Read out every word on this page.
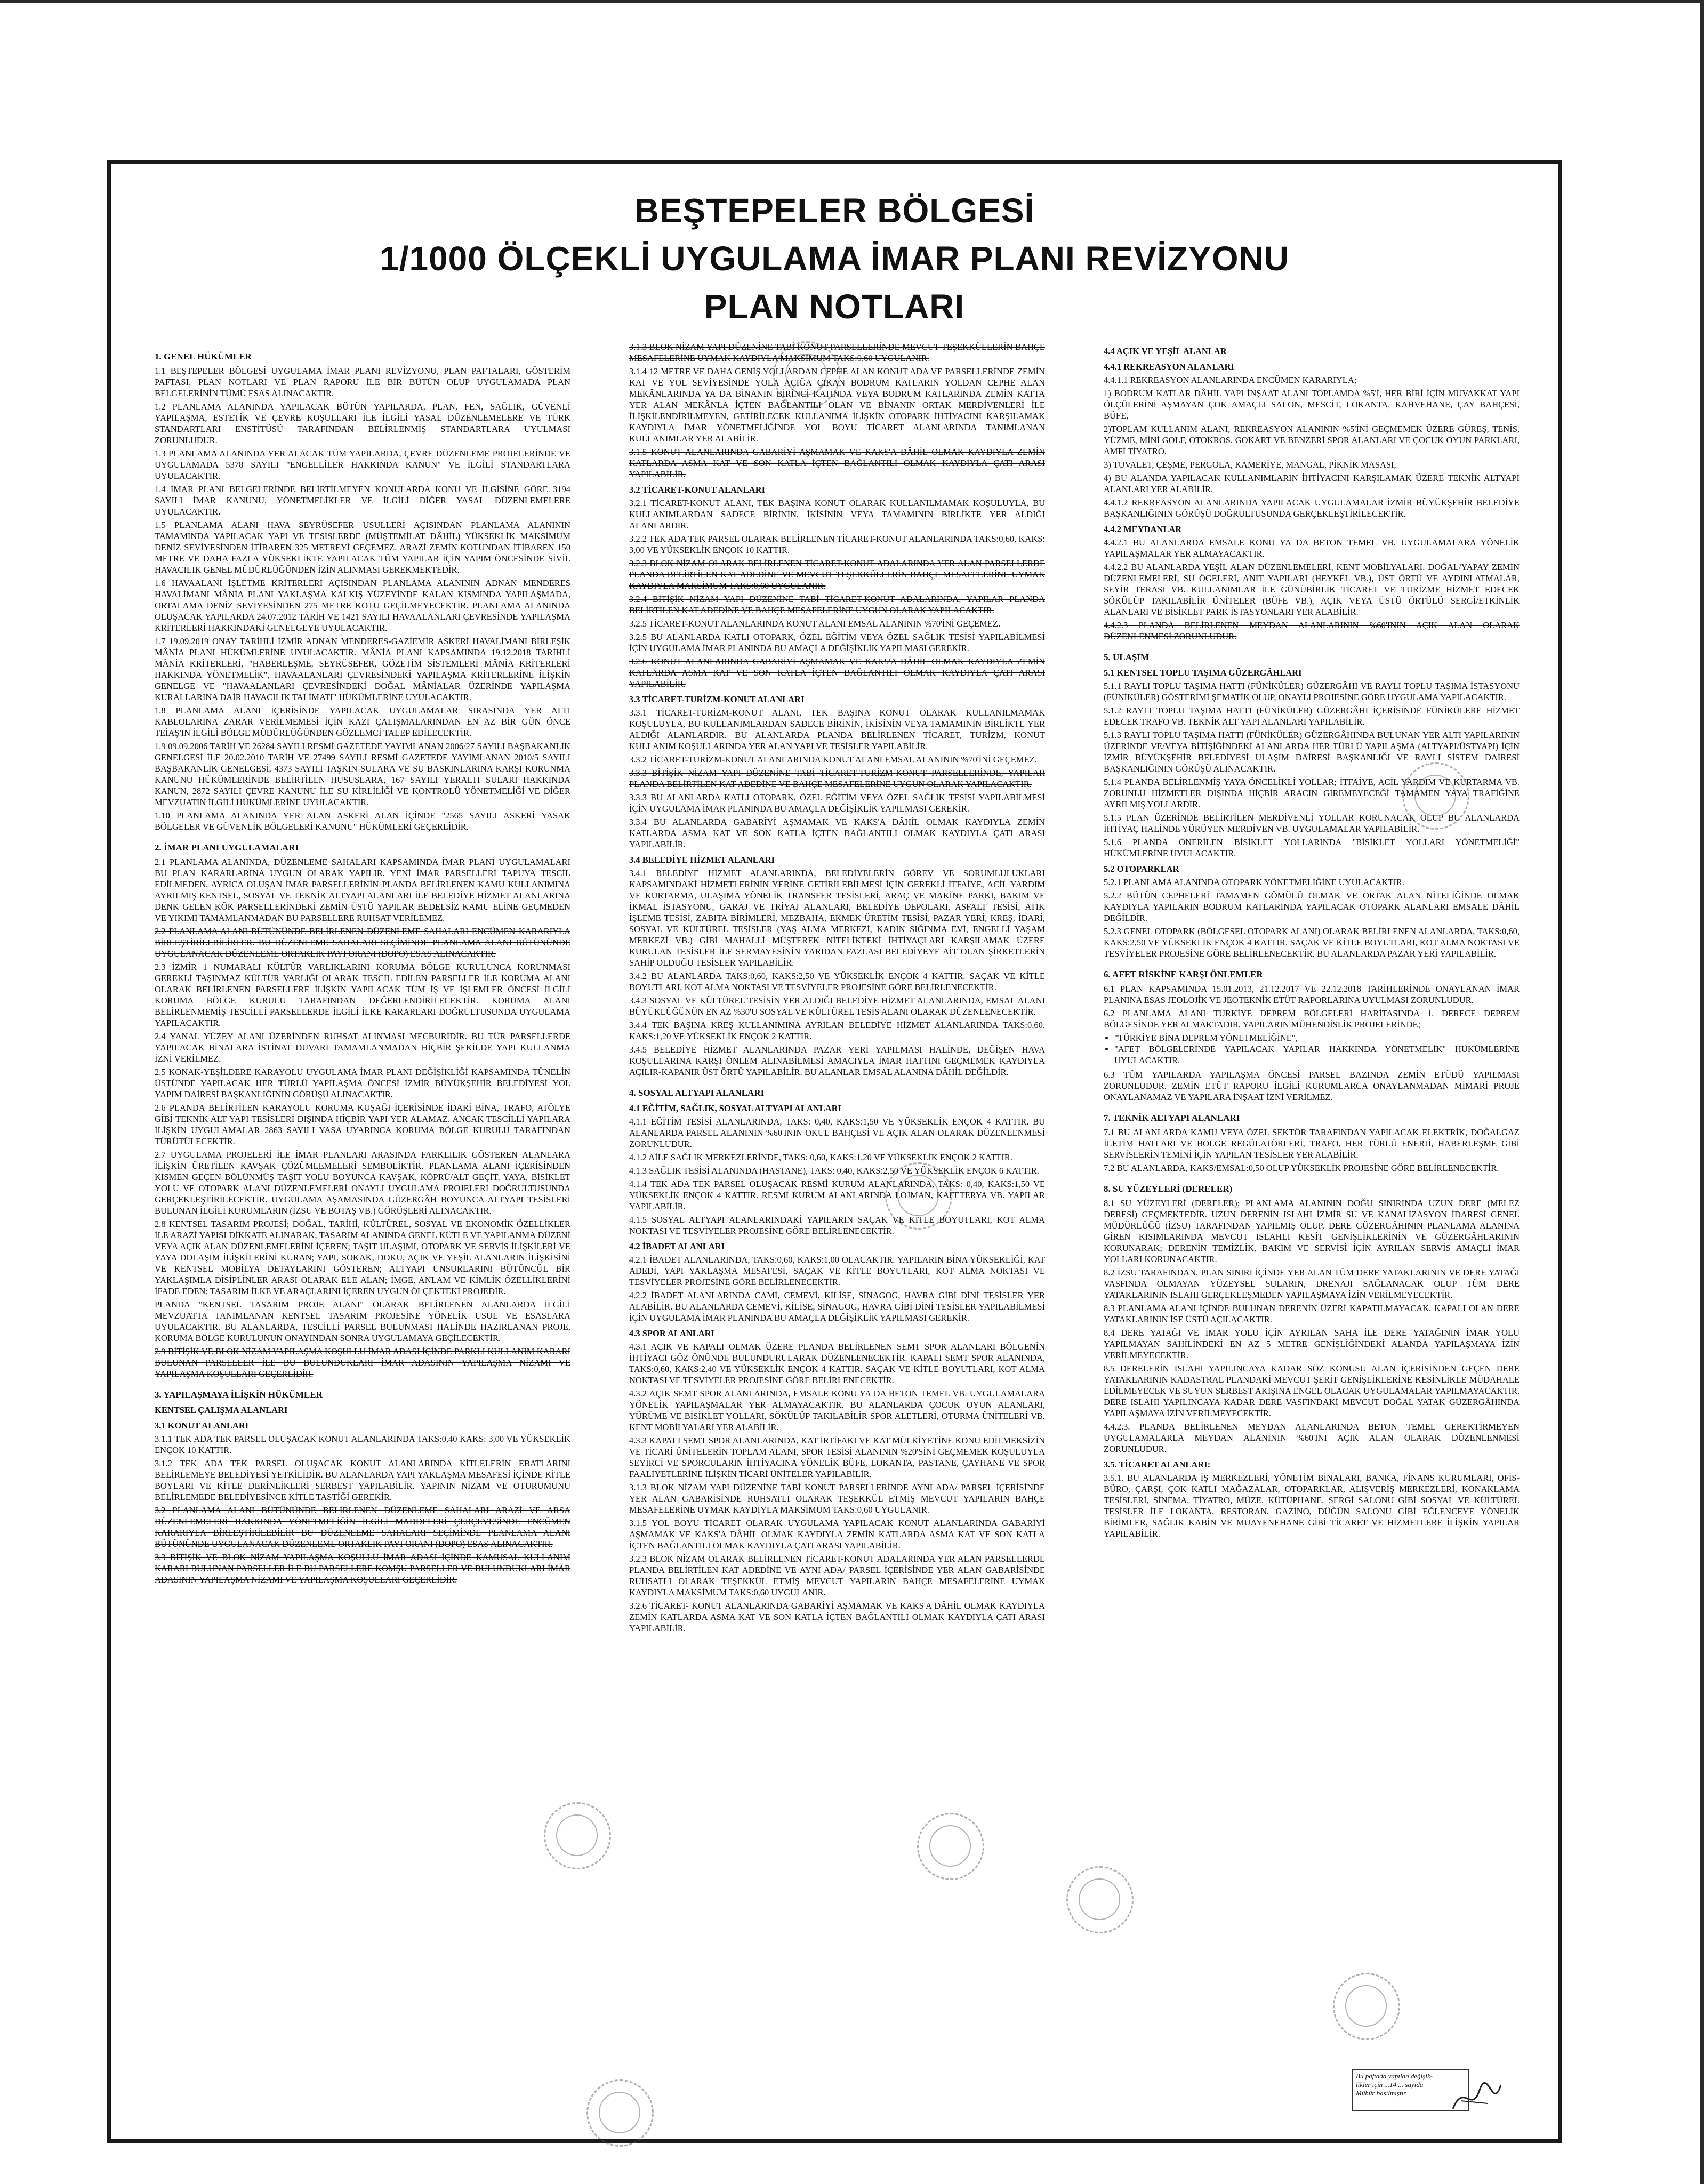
BEŞTEPELER BÖLGESİ
1/1000 ÖLÇEKLİ UYGULAMA İMAR PLANI REVİZYONU
PLAN NOTLARI
1. GENEL HÜKÜMLER

1.1 BEŞTEPELER BÖLGESİ UYGULAMA İMAR PLANI REVİZYONU, PLAN PAFTALARI, GÖSTERİM PAFTASI, PLAN NOTLARI VE PLAN RAPORU İLE BİR BÜTÜN OLUP UYGULAMADA PLAN BELGELERİNİN TÜMÜ ESAS ALINACAKTIR.

1.2 PLANLAMA ALANINDA YAPILACAK BÜTÜN YAPILARDA, PLAN, FEN, SAĞLIK, GÜVENLİ YAPILAŞMA, ESTETİK VE ÇEVRE KOŞULLARI İLE İLGİLİ YASAL DÜZENLEMELERE VE TÜRK STANDARTLARI ENSTİTÜSÜ TARAFINDAN BELİRLENMİŞ STANDARTLARA UYULMASI ZORUNLUDUR.

1.3 PLANLAMA ALANINDA YER ALACAK TÜM YAPILARDA, ÇEVRE DÜZENLEME PROJELERİNDE VE UYGULAMADA 5378 SAYILI "ENGELLİLER HAKKINDA KANUN" VE İLGİLİ STANDARTLARA UYULACAKTIR.

1.4 İMAR PLANI BELGELERİNDE BELİRTİLMEYEN KONULARDA KONU VE İLGİSİNE GÖRE 3194 SAYILI İMAR KANUNU, YÖNETMELİKLER VE İLGİLİ DİĞER YASAL DÜZENLEMELERE UYULACAKTIR.

1.5 PLANLAMA ALANI HAVA SEYRÜSEFER USULLERİ AÇISINDAN PLANLAMA ALANININ TAMAMINDA YAPILACAK YAPI VE TESİSLERDE (MÜŞTEMİLAT DÂHİL) YÜKSEKLİK MAKSİMUM DENİZ SEVİYESİNDEN İTİBAREN 325 METREYİ GEÇEMEZ. ARAZİ ZEMİN KOTUNDAN İTİBAREN 150 METRE VE DAHA FAZLA YÜKSEKLİKTE YAPILACAK TÜM YAPILAR İÇİN YAPIM ÖNCESİNDE SİVİL HAVACILIK GENEL MÜDÜRLÜĞÜNDEN İZİN ALINMASI GEREKMEKTEDİR.

1.6 HAVAALANI İŞLETME KRİTERLERİ AÇISINDAN PLANLAMA ALANININ ADNAN MENDERES HAVALİMANI MÂNİA PLANI YAKLAŞMA KALKIŞ YÜZEYİNDE KALAN KISMINDA YAPILAŞMADA, ORTALAMA DENİZ SEVİYESİNDEN 275 METRE KOTU GEÇİLMEYECEKTİR. PLANLAMA ALANINDA OLUŞACAK YAPILARDA 24.07.2012 TARİH VE 1421 SAYILI HAVAALANLARI ÇEVRESİNDE YAPILAŞMA KRİTERLERİ HAKKINDAKİ GENELGEYE UYULACAKTIR.

1.7 19.09.2019 ONAY TARİHLİ İZMİR ADNAN MENDERES-GAZİEMİR ASKERİ HAVALİMANI BİRLEŞİK MÂNİA PLANI HÜKÜMLERİNE UYULACAKTIR. MÂNİA PLANI KAPSAMINDA 19.12.2018 TARİHLİ MÂNİA KRİTERLERİ, "HABERLEŞME, SEYRÜSEFER, GÖZETİM SİSTEMLERİ MÂNİA KRİTERLERİ HAKKINDA YÖNETMELİK", HAVAALANLARI ÇEVRESİNDEKİ YAPILAŞMA KRİTERLERİNE İLİŞKİN GENELGE VE "HAVAALANLARI ÇEVRESİNDEKİ DOĞAL MÂNİALAR ÜZERİNDE YAPILAŞMA KURALLARINA DAİR HAVACILIK TALİMATI" HÜKÜMLERİNE UYULACAKTIR.

1.8 PLANLAMA ALANI İÇERİSİNDE YAPILACAK UYGULAMALAR SIRASINDA YER ALTI KABLOLARINA ZARAR VERİLMEMESİ İÇİN KAZI ÇALIŞMALARINDAN EN AZ BİR GÜN ÖNCE TEİAŞ'IN İLGİLİ BÖLGE MÜDÜRLÜĞÜNDEN GÖZLEMCİ TALEP EDİLECEKTİR.

1.9 09.09.2006 TARİH VE 26284 SAYILI RESMİ GAZETEDE YAYIMLANAN 2006/27 SAYILI BAŞBAKANLIK GENELGESİ İLE 20.02.2010 TARİH VE 27499 SAYILI RESMİ GAZETEDE YAYIMLANAN 2010/5 SAYILI BAŞBAKANLIK GENELGESİ, 4373 SAYILI TAŞKIN SULARA VE SU BASKINLARINA KARŞI KORUNMA KANUNU HÜKÜMLERİNDE BELİRTİLEN HUSUSLARA, 167 SAYILI YERALTI SULARI HAKKINDA KANUN, 2872 SAYILI ÇEVRE KANUNU İLE SU KİRLİLİĞİ VE KONTROLÜ YÖNETMELİĞİ VE DİĞER MEVZUATIN İLGİLİ HÜKÜMLERİNE UYULACAKTIR.

1.10 PLANLAMA ALANINDA YER ALAN ASKERİ ALAN İÇİNDE "2565 SAYILI ASKERİ YASAK BÖLGELER VE GÜVENLİK BÖLGELERİ KANUNU" HÜKÜMLERİ GEÇERLİDİR.

2. İMAR PLANI UYGULAMALARI

2.1 PLANLAMA ALANINDA, DÜZENLEME SAHALARI KAPSAMINDA İMAR PLANI UYGULAMALARI BU PLAN KARARLARINA UYGUN OLARAK YAPILIR. YENİ İMAR PARSELLERİ TAPUYA TESCİL EDİLMEDEN, AYRICA OLUŞAN İMAR PARSELLERİNİN PLANDA BELİRLENEN KAMU KULLANIMINA AYRILMIŞ KENTSEL, SOSYAL VE TEKNİK ALTYAPI ALANLARI İLE BELEDİYE HİZMET ALANLARINA DENK GELEN KÖK PARSELLERİNDEKİ ZEMİN ÜSTÜ YAPILAR BEDELSİZ KAMU ELİNE GEÇMEDEN VE YIKIMI TAMAMLANMADAN BU PARSELLERE RUHSAT VERİLEMEZ.

2.2 PLANLAMA ALANI BÜTÜNÜNDE BELİRLENEN DÜZENLEME SAHALARI ENCÜMEN KARARIYLA BİRLEŞTİRİLEBİLİRLER. BU DÜZENLEME SAHALARI SEÇİMİNDE PLANLAMA ALANI BÜTÜNÜNDE UYGULANACAK DÜZENLEME ORTAKLIK PAYI ORANI (DOPO) ESAS ALINACAKTIR.

2.3 İZMİR 1 NUMARALI KÜLTÜR VARLIKLARINI KORUMA BÖLGE KURULUNCA KORUNMASI GEREKLİ TAŞINMAZ KÜLTÜR VARLIĞI OLARAK TESCİL EDİLEN PARSELLER İLE KORUMA ALANI OLARAK BELİRLENEN PARSELLERE İLİŞKİN YAPILACAK TÜM İŞ VE İŞLEMLER ÖNCESİ İLGİLİ KORUMA BÖLGE KURULU TARAFINDAN DEĞERLENDİRİLECEKTİR. KORUMA ALANI BELİRLENMEMİŞ TESCİLLİ PARSELLERDE İLGİLİ İLKE KARARLARI DOĞRULTUSUNDA UYGULAMA YAPILACAKTIR.

2.4 YANAL YÜZEY ALANI ÜZERİNDEN RUHSAT ALINMASI MECBURİDİR. BU TÜR PARSELLERDE YAPILACAK BİNALARA İSTİNAT DUVARI TAMAMLANMADAN HİÇBİR ŞEKİLDE YAPI KULLANMA İZNİ VERİLMEZ.

2.5 KONAK-YEŞİLDERE KARAYOLU UYGULAMA İMAR PLANI DEĞİŞİKLİĞİ KAPSAMINDA TÜNELİN ÜSTÜNDE YAPILACAK HER TÜRLÜ YAPILAŞMA ÖNCESİ İZMİR BÜYÜKŞEHİR BELEDİYESİ YOL YAPIM DAİRESİ BAŞKANLIĞININ GÖRÜŞÜ ALINACAKTIR.

2.6 PLANDA BELİRTİLEN KARAYOLU KORUMA KUŞAĞI İÇERİSİNDE İDARİ BİNA, TRAFO, ATÖLYE GİBİ TEKNİK ALT YAPI TESİSLERİ DIŞINDA HİÇBİR YAPI YER ALAMAZ. ANCAK TESCİLLİ YAPILARA İLİŞKİN UYGULAMALAR 2863 SAYILI YASA UYARINCA KORUMA BÖLGE KURULU TARAFINDAN TÜRÜTÜLECEKTİR.

2.7 UYGULAMA PROJELERİ İLE İMAR PLANLARI ARASINDA FARKLILIK GÖSTEREN ALANLARA İLİŞKİN ÜRETİLEN KAVŞAK ÇÖZÜMLEMELERİ SEMBOLİKTİR. PLANLAMA ALANI İÇERİSİNDEN KISMEN GEÇEN BÖLÜNMÜŞ TAŞIT YOLU BOYUNCA KAVŞAK, KÖPRÜ/ALT GEÇİT, YAYA, BİSİKLET YOLU VE OTOPARK ALANI DÜZENLEMELERİ ONAYLI UYGULAMA PROJELERİ DOĞRULTUSUNDA GERÇEKLEŞTİRİLECEKTİR. UYGULAMA AŞAMASINDA GÜZERGÂH BOYUNCA ALTYAPI TESİSLERİ BULUNAN İLGİLİ KURUMLARIN (İZSU VE BOTAŞ VB.) GÖRÜŞLERİ ALINACAKTIR.

2.8 KENTSEL TASARIM PROJESİ; DOĞAL, TARİHİ, KÜLTÜREL, SOSYAL VE EKONOMİK ÖZELLİKLER İLE ARAZİ YAPISI DİKKATE ALINARAK, TASARIM ALANINDA GENEL KÜTLE VE YAPILANMA DÜZENİ VEYA AÇIK ALAN DÜZENLEMELERİNİ İÇEREN; TAŞIT ULAŞIMI, OTOPARK VE SERVİS İLİŞKİLERİ VE YAYA DOLAŞIM İLİŞKİLERİNİ KURAN; YAPI, SOKAK, DOKU, AÇIK VE YEŞİL ALANLARIN İLİŞKİSİNİ VE KENTSEL MOBİLYA DETAYLARINI GÖSTEREN; ALTYAPI UNSURLARINI BÜTÜNCÜL BİR YAKLAŞIMLA DİSİPLİNLER ARASI OLARAK ELE ALAN; İMGE, ANLAM VE KİMLİK ÖZELLİKLERİNİ İFADE EDEN; TASARIM İLKE VE ARAÇLARINI İÇEREN UYGUN ÖLÇEKTEKİ PROJEDİR.

PLANDA "KENTSEL TASARIM PROJE ALANI" OLARAK BELİRLENEN ALANLARDA İLGİLİ MEVZUATTA TANIMLANAN KENTSEL TASARIM PROJESİNE YÖNELİK USUL VE ESASLARA UYULACAKTIR. BU ALANLARDA, TESCİLLİ PARSEL BULUNMASI HALİNDE HAZIRLANAN PROJE, KORUMA BÖLGE KURULUNUN ONAYINDAN SONRA UYGULAMAYA GEÇİLECEKTİR.

2.9 BİTİŞİK VE BLOK NİZAM YAPILAŞMA KOŞULLU İMAR ADASI İÇİNDE PARKLI KULLANIM KARARI BULUNAN PARSELLER İLE BU BULUNDUKLARI İMAR ADASININ YAPILAŞMA NİZAMI VE YAPILAŞMA KOŞULLARI GEÇERLİDİR.

3. YAPILAŞMAYA İLİŞKİN HÜKÜMLER
KENTSEL ÇALIŞMA ALANLARI
3.1 KONUT ALANLARI

3.1.1 TEK ADA TEK PARSEL OLUŞACAK KONUT ALANLARINDA TAKS:0,40 KAKS: 3,00 VE YÜKSEKLİK ENÇOK 10 KATTIR.

3.1.2 TEK ADA TEK PARSEL OLUŞACAK KONUT ALANLARINDA KİTLELERİN EBATLARINI BELİRLEMEYE BELEDİYESİ YETKİLİDİR. BU ALANLARDA YAPI YAKLAŞMA MESAFESİ İÇİNDE KİTLE BOYLARI VE KİTLE DERİNLİKLERİ SERBEST YAPILABİLİR. YAPININ NİZAM VE OTURUMUNU BELİRLEMEDE BELEDİYESİNCE KİTLE TASTİĞİ GEREKİR.

3.2 PLANLAMA ALANI BÜTÜNÜNDE BELİRLENEN DÜZENLEME SAHALARI ARAZİ VE ARSA DÜZENLEMELERİ HAKKINDA YÖNETMELİĞİN İLGİLİ MADDELERİ ÇERÇEVESİNDE ENCÜMEN KARARIYLA BİRLEŞTİRİLEBİLİR BU DÜZENLEME SAHALARI SEÇİMİNDE PLANLAMA ALANI BÜTÜNÜNDE UYGULANACAK DÜZENLEME ORTAKLIK PAYI ORANI (DOPO) ESAS ALINACAKTIR.

3.3 BİTİŞİK VE BLOK NİZAM YAPILAŞMA KOŞULLU İMAR ADASI İÇİNDE KAMUSAL KULLANIM KARARI BULUNAN PARSELLER İLE BU PARSELLERE KOMŞU PARSELLER VE BULUNDUKLARI İMAR ADASININ YAPILAŞMA NİZAMI VE YAPILAŞMA KOŞULLARI GEÇERLİDİR.

3.1.3 BLOK NİZAM YAPI DÜZENİNE TABİ KONUT PARSELLERİNDE MEVCUT TEŞEKKÜLLERİN BAHÇE MESAFELERİNE UYMAK KAYDIYLA MAKSİMUM TAKS:0,60 UYGULANIR.

3.1.4 12 METRE VE DAHA GENİŞ YOLLARDAN CEPHE ALAN KONUT ADA VE PARSELLERİNDE ZEMİN KAT VE YOL SEVİYESİNDE YOLA AÇIĞA ÇIKAN BODRUM KATLARIN YOLDAN CEPHE ALAN MEKÂNLARINDA YA DA BİNANIN BİRİNCİ KATINDA VEYA BODRUM KATLARINDA ZEMİN KATTA YER ALAN MEKÂNLA İÇTEN BAĞLANTILI OLAN VE BİNANIN ORTAK MERDİVENLERİ İLE İLİŞKİLENDİRİLMEYEN, GETİRİLECEK KULLANIMA İLİŞKİN OTOPARK İHTİYACINI KARŞILAMAK KAYDIYLA İMAR YÖNETMELİĞİNDE YOL BOYU TİCARET ALANLARINDA TANIMLANAN KULLANIMLAR YER ALABİLİR.

3.1.5 KONUT ALANLARINDA GABARİYİ AŞMAMAK VE KAKS'A DÂHİL OLMAK KAYDIYLA ZEMİN KATLARDA ASMA KAT VE SON KATLA İÇTEN BAĞLANTILI OLMAK KAYDIYLA ÇATI ARASI YAPILABİLİR.

3.2 TİCARET-KONUT ALANLARI

3.2.1 TİCARET-KONUT ALANI, TEK BAŞINA KONUT OLARAK KULLANILMAMAK KOŞULUYLA, BU KULLANIMLARDAN SADECE BİRİNİN, İKİSİNİN VEYA TAMAMININ BİRLİKTE YER ALDIĞI ALANLARDIR.

3.2.2 TEK ADA TEK PARSEL OLARAK BELİRLENEN TİCARET-KONUT ALANLARINDA TAKS:0,60, KAKS: 3,00 VE YÜKSEKLİK ENÇOK 10 KATTIR.

3.2.3 BLOK NİZAM OLARAK BELİRLENEN TİCARET-KONUT ADALARINDA YER ALAN PARSELLERDE PLANDA BELİRTİLEN KAT ADEDİNE VE MEVCUT TEŞEKKÜLLERİN BAHÇE MESAFELERİNE UYMAK KAYDIYLA MAKSİMUM TAKS:0,60 UYGULANIR.

3.2.4 BİTİŞİK NİZAM YAPI DÜZENİNE TABİ TİCARET-KONUT ADALARINDA, YAPILAR PLANDA BELİRTİLEN KAT ADEDİNE VE BAHÇE MESAFELERİNE UYGUN OLARAK YAPILACAKTIR.

3.2.5 TİCARET-KONUT ALANLARINDA KONUT ALANI EMSAL ALANININ %70'İNİ GEÇEMEZ.

3.2.5 BU ALANLARDA KATLI OTOPARK, ÖZEL EĞİTİM VEYA ÖZEL SAĞLIK TESİSİ YAPILABİLMESİ İÇİN UYGULAMA İMAR PLANINDA BU AMAÇLA DEĞİŞİKLİK YAPILMASI GEREKİR.

3.2.6 KONUT ALANLARINDA GABARİYİ AŞMAMAK VE KAKS'A DÂHİL OLMAK KAYDIYLA ZEMİN KATLARDA ASMA KAT VE SON KATLA İÇTEN BAĞLANTILI OLMAK KAYDIYLA ÇATI ARASI YAPILABİLİR.

3.3 TİCARET-TURİZM-KONUT ALANLARI

3.3.1 TİCARET-TURİZM-KONUT ALANI, TEK BAŞINA KONUT OLARAK KULLANILMAMAK KOŞULUYLA, BU KULLANIMLARDAN SADECE BİRİNİN, İKİSİNİN VEYA TAMAMININ BİRLİKTE YER ALDIĞI ALANLARDIR. BU ALANLARDA PLANDA BELİRLENEN TİCARET, TURİZM, KONUT KULLANIM KOŞULLARINDA YER ALAN YAPI VE TESİSLER YAPILABİLİR.

3.3.2 TİCARET-TURİZM-KONUT ALANLARINDA KONUT ALANI EMSAL ALANININ %70'İNİ GEÇEMEZ.

3.3.3 BİTİŞİK NİZAM YAPI DÜZENİNE TABİ TİCARET-TURİZM-KONUT PARSELLERİNDE, YAPILAR PLANDA BELİRTİLEN KAT ADEDİNE VE BAHÇE MESAFELERİNE UYGUN OLARAK YAPILACAKTIR.

3.3.3 BU ALANLARDA KATLI OTOPARK, ÖZEL EĞİTİM VEYA ÖZEL SAĞLIK TESİSİ YAPILABİLMESİ İÇİN UYGULAMA İMAR PLANINDA BU AMAÇLA DEĞİŞİKLİK YAPILMASI GEREKİR.

3.3.4 BU ALANLARDA GABARİYİ AŞMAMAK VE KAKS'A DÂHİL OLMAK KAYDIYLA ZEMİN KATLARDA ASMA KAT VE SON KATLA İÇTEN BAĞLANTILI OLMAK KAYDIYLA ÇATI ARASI YAPILABİLİR.

3.4 BELEDİYE HİZMET ALANLARI

3.4.1 BELEDİYE HİZMET ALANLARINDA, BELEDİYELERİN GÖREV VE SORUMLULUKLARI KAPSAMINDAKİ HİZMETLERİNİN YERİNE GETİRİLEBİLMESİ İÇİN GEREKLİ İTFAİYE, ACİL YARDIM VE KURTARMA, ULAŞIMA YÖNELİK TRANSFER TESİSLERİ, ARAÇ VE MAKİNE PARKI, BAKIM VE İKMAL İSTASYONU, GARAJ VE TRİYAJ ALANLARI, BELEDİYE DEPOLARI, ASFALT TESİSİ, ATIK İŞLEME TESİSİ, ZABITA BİRİMLERİ, MEZBAHA, EKMEK ÜRETİM TESİSİ, PAZAR YERİ, KREŞ, İDARİ, SOSYAL VE KÜLTÜREL TESİSLER (YAŞ ALMA MERKEZİ, KADIN SIĞINMA EVİ, ENGELLİ YAŞAM MERKEZİ VB.) GİBİ MAHALLİ MÜŞTEREK NİTELİKTEKİ İHTİYAÇLARI KARŞILAMAK ÜZERE KURULAN TESİSLER İLE SERMAYESİNİN YARIDAN FAZLASI BELEDİYEYE AİT OLAN ŞİRKETLERİN SAHİP OLDUĞU TESİSLER YAPILABİLİR.

3.4.2 BU ALANLARDA TAKS:0,60, KAKS:2,50 VE YÜKSEKLİK ENÇOK 4 KATTIR. SAÇAK VE KİTLE BOYUTLARI, KOT ALMA NOKTASI VE TESVİYELER PROJESİNE GÖRE BELİRLENECEKTİR.

3.4.3 SOSYAL VE KÜLTÜREL TESİSİN YER ALDIĞI BELEDİYE HİZMET ALANLARINDA, EMSAL ALANI BÜYÜKLÜĞÜNÜN EN AZ %30'U SOSYAL VE KÜLTÜREL TESİS ALANI OLARAK DÜZENLENECEKTİR.

3.4.4 TEK BAŞINA KREŞ KULLANIMINA AYRILAN BELEDİYE HİZMET ALANLARINDA TAKS:0,60, KAKS:1,20 VE YÜKSEKLİK ENÇOK 2 KATTIR.

3.4.5 BELEDİYE HİZMET ALANLARINDA PAZAR YERİ YAPILMASI HALİNDE, DEĞİŞEN HAVA KOŞULLARINA KARŞI ÖNLEM ALINABİLMESİ AMACIYLA İMAR HATTINI GEÇMEMEK KAYDIYLA AÇILIR-KAPANIR ÜST ÖRTÜ YAPILABİLİR. BU ALANLAR EMSAL ALANINA DÂHİL DEĞİLDİR.

4. SOSYAL ALTYAPI ALANLARI
4.1 EĞİTİM, SAĞLIK, SOSYAL ALTYAPI ALANLARI

4.1.1 EĞİTİM TESİSİ ALANLARINDA, TAKS: 0,40, KAKS:1,50 VE YÜKSEKLİK ENÇOK 4 KATTIR. BU ALANLARDA PARSEL ALANININ %60'ININ OKUL BAHÇESİ VE AÇIK ALAN OLARAK DÜZENLENMESİ ZORUNLUDUR.

4.1.2 AİLE SAĞLIK MERKEZLERİNDE, TAKS: 0,60, KAKS:1,20 VE YÜKSEKLİK ENÇOK 2 KATTIR.

4.1.3 SAĞLIK TESİSİ ALANINDA (HASTANE), TAKS: 0,40, KAKS:2,50 VE YÜKSEKLİK ENÇOK 6 KATTIR.

4.1.4 TEK ADA TEK PARSEL OLUŞACAK RESMİ KURUM ALANLARINDA, TAKS: 0,40, KAKS:1,50 VE YÜKSEKLİK ENÇOK 4 KATTIR. RESMİ KURUM ALANLARINDA LOJMAN, KAFETERYA VB. YAPILAR YAPILABİLİR.

4.1.5 SOSYAL ALTYAPI ALANLARINDAKİ YAPILARIN SAÇAK VE KİTLE BOYUTLARI, KOT ALMA NOKTASI VE TESVİYELER PROJESİNE GÖRE BELİRLENECEKTİR.

4.2 İBADET ALANLARI

4.2.1 İBADET ALANLARINDA, TAKS:0,60, KAKS:1,00 OLACAKTIR. YAPILARIN BİNA YÜKSEKLİĞİ, KAT ADEDİ, YAPI YAKLAŞMA MESAFESİ, SAÇAK VE KİTLE BOYUTLARI, KOT ALMA NOKTASI VE TESVİYELER PROJESİNE GÖRE BELİRLENECEKTİR.

4.2.2 İBADET ALANLARINDA CAMİ, CEMEVİ, KİLİSE, SİNAGOG, HAVRA GİBİ DİNİ TESİSLER YER ALABİLİR. BU ALANLARDA CEMEVİ, KİLİSE, SİNAGOG, HAVRA GİBİ DİNİ TESİSLER YAPILABİLMESİ İÇİN UYGULAMA İMAR PLANINDA BU AMAÇLA DEĞİŞİKLİK YAPILMASI GEREKİR.

4.3 SPOR ALANLARI

4.3.1 AÇIK VE KAPALI OLMAK ÜZERE PLANDA BELİRLENEN SEMT SPOR ALANLARI BÖLGENİN İHTİYACI GÖZ ÖNÜNDE BULUNDURULARAK DÜZENLENECEKTİR. KAPALI SEMT SPOR ALANINDA, TAKS:0,60, KAKS:2,40 VE YÜKSEKLİK ENÇOK 4 KATTIR. SAÇAK VE KİTLE BOYUTLARI, KOT ALMA NOKTASI VE TESVİYELER PROJESİNE GÖRE BELİRLENECEKTİR.

4.3.2 AÇIK SEMT SPOR ALANLARINDA, EMSALE KONU YA DA BETON TEMEL VB. UYGULAMALARA YÖNELİK YAPILAŞMALAR YER ALMAYACAKTIR. BU ALANLARDA ÇOCUK OYUN ALANLARI, YÜRÜME VE BİSİKLET YOLLARI, SÖKÜLÜP TAKILABİLİR SPOR ALETLERİ, OTURMA ÜNİTELERİ VB. KENT MOBİLYALARI YER ALABİLİR.

4.3.3 KAPALI SEMT SPOR ALANLARINDA, KAT İRTİFAKI VE KAT MÜLKİYETİNE KONU EDİLMEKSİZİN VE TİCARİ ÜNİTELERİN TOPLAM ALANI, SPOR TESİSİ ALANININ %20'SİNİ GEÇMEMEK KOŞULUYLA SEYİRCİ VE SPORCULARIN İHTİYACINA YÖNELİK BÜFE, LOKANTA, PASTANE, ÇAYHANE VE SPOR FAALİYETLERİNE İLİŞKİN TİCARİ ÜNİTELER YAPILABİLİR.

3.1.3 BLOK NİZAM YAPI DÜZENİNE TABİ KONUT PARSELLERİNDE AYNI ADA/ PARSEL İÇERİSİNDE YER ALAN GABARİSİNDE RUHSATLI OLARAK TEŞEKKÜL ETMİŞ MEVCUT YAPILARIN BAHÇE MESAFELERİNE UYMAK KAYDIYLA MAKSİMUM TAKS:0,60 UYGULANIR.

3.1.5 YOL BOYU TİCARET OLARAK UYGULAMA YAPILACAK KONUT ALANLARINDA GABARİYİ AŞMAMAK VE KAKS'A DÂHİL OLMAK KAYDIYLA ZEMİN KATLARDA ASMA KAT VE SON KATLA İÇTEN BAĞLANTILI OLMAK KAYDIYLA ÇATI ARASI YAPILABİLİR.

3.2.3 BLOK NİZAM OLARAK BELİRLENEN TİCARET-KONUT ADALARINDA YER ALAN PARSELLERDE PLANDA BELİRTİLEN KAT ADEDİNE VE AYNI ADA/ PARSEL İÇERİSİNDE YER ALAN GABARİSİNDE RUHSATLI OLARAK TEŞEKKÜL ETMİŞ MEVCUT YAPILARIN BAHÇE MESAFELERİNE UYMAK KAYDIYLA MAKSİMUM TAKS:0,60 UYGULANIR.

3.2.6 TİCARET- KONUT ALANLARINDA GABARİYİ AŞMAMAK VE KAKS'A DÂHİL OLMAK KAYDIYLA ZEMİN KATLARDA ASMA KAT VE SON KATLA İÇTEN BAĞLANTILI OLMAK KAYDIYLA ÇATI ARASI YAPILABİLİR.

4.4 AÇIK VE YEŞİL ALANLAR
4.4.1 REKREASYON ALANLARI

4.4.1.1 REKREASYON ALANLARINDA ENCÜMEN KARARIYLA;

1) BODRUM KATLAR DÂHİL YAPI İNŞAAT ALANI TOPLAMDA %5'İ, HER BİRİ İÇİN MUVAKKAT YAPI ÖLÇÜLERİNİ AŞMAYAN ÇOK AMAÇLI SALON, MESCİT, LOKANTA, KAHVEHANE, ÇAY BAHÇESİ, BÜFE,

2)TOPLAM KULLANIM ALANI, REKREASYON ALANININ %5'İNİ GEÇMEMEK ÜZERE GÜREŞ, TENİS, YÜZME, MİNİ GOLF, OTOKROS, GOKART VE BENZERİ SPOR ALANLARI VE ÇOCUK OYUN PARKLARI, AMFİ TİYATRO,

3) TUVALET, ÇEŞME, PERGOLA, KAMERİYE, MANGAL, PİKNİK MASASI,

4) BU ALANDA YAPILACAK KULLANIMLARIN İHTİYACINI KARŞILAMAK ÜZERE TEKNİK ALTYAPI ALANLARI YER ALABİLİR.

4.4.1.2 REKREASYON ALANLARINDA YAPILACAK UYGULAMALAR İZMİR BÜYÜKŞEHİR BELEDİYE BAŞKANLIĞININ GÖRÜŞÜ DOĞRULTUSUNDA GERÇEKLEŞTİRİLECEKTİR.

4.4.2 MEYDANLAR

4.4.2.1 BU ALANLARDA EMSALE KONU YA DA BETON TEMEL VB. UYGULAMALARA YÖNELİK YAPILAŞMALAR YER ALMAYACAKTIR.

4.4.2.2 BU ALANLARDA YEŞİL ALAN DÜZENLEMELERİ, KENT MOBİLYALARI, DOĞAL/YAPAY ZEMİN DÜZENLEMELERİ, SU ÖGELERİ, ANIT YAPILARI (HEYKEL VB.), ÜST ÖRTÜ VE AYDINLATMALAR, SEYİR TERASI VB. KULLANIMLAR İLE GÜNÜBİRLİK TİCARET VE TURİZME HİZMET EDECEK SÖKÜLÜP TAKILABİLİR ÜNİTELER (BÜFE VB.), AÇIK VEYA ÜSTÜ ÖRTÜLÜ SERGİ/ETKİNLİK ALANLARI VE BİSİKLET PARK İSTASYONLARI YER ALABİLİR.

4.4.2.3 PLANDA BELİRLENEN MEYDAN ALANLARININ %60'ININ AÇIK ALAN OLARAK DÜZENLENMESİ ZORUNLUDUR.

5. ULAŞIM
5.1 KENTSEL TOPLU TAŞIMA GÜZERGÂHLARI

5.1.1 RAYLI TOPLU TAŞIMA HATTI (FÜNİKÜLER) GÜZERGÂHI VE RAYLI TOPLU TAŞIMA İSTASYONU (FÜNİKÜLER) GÖSTERİMİ ŞEMATİK OLUP, ONAYLI PROJESİNE GÖRE UYGULAMA YAPILACAKTIR.

5.1.2 RAYLI TOPLU TAŞIMA HATTI (FÜNİKÜLER) GÜZERGÂHI İÇERİSİNDE FÜNİKÜLERE HİZMET EDECEK TRAFO VB. TEKNİK ALT YAPI ALANLARI YAPILABİLİR.

5.1.3 RAYLI TOPLU TAŞIMA HATTI (FÜNİKÜLER) GÜZERGÂHINDA BULUNAN YER ALTI YAPILARININ ÜZERİNDE VE/VEYA BİTİŞİĞİNDEKİ ALANLARDA HER TÜRLÜ YAPILAŞMA (ALTYAPI/ÜSTYAPI) İÇİN İZMİR BÜYÜKŞEHİR BELEDİYESİ ULAŞIM DAİRESİ BAŞKANLIĞI VE RAYLI SİSTEM DAİRESİ BAŞKANLIĞININ GÖRÜŞÜ ALINACAKTIR.

5.1.4 PLANDA BELİRLENMİŞ YAYA ÖNCELİKLİ YOLLAR; İTFAİYE, ACİL YARDIM VE KURTARMA VB. ZORUNLU HİZMETLER DIŞINDA HİÇBİR ARACIN GİREMEYECEĞİ TAMAMEN YAYA TRAFİĞİNE AYRILMIŞ YOLLARDIR.

5.1.5 PLAN ÜZERİNDE BELİRTİLEN MERDİVENLİ YOLLAR KORUNACAK OLUP BU ALANLARDA İHTİYAÇ HALİNDE YÜRÜYEN MERDİVEN VB. UYGULAMALAR YAPILABİLİR.

5.1.6 PLANDA ÖNERİLEN BİSİKLET YOLLARINDA "BİSİKLET YOLLARI YÖNETMELİĞİ" HÜKÜMLERİNE UYULACAKTIR.

5.2 OTOPARKLAR

5.2.1 PLANLAMA ALANINDA OTOPARK YÖNETMELİĞİNE UYULACAKTIR.

5.2.2 BÜTÜN CEPHELERİ TAMAMEN GÖMÜLÜ OLMAK VE ORTAK ALAN NİTELİĞİNDE OLMAK KAYDIYLA YAPILARIN BODRUM KATLARINDA YAPILACAK OTOPARK ALANLARI EMSALE DÂHİL DEĞİLDİR.

5.2.3 GENEL OTOPARK (BÖLGESEL OTOPARK ALANI) OLARAK BELİRLENEN ALANLARDA, TAKS:0,60, KAKS:2,50 VE YÜKSEKLİK ENÇOK 4 KATTIR. SAÇAK VE KİTLE BOYUTLARI, KOT ALMA NOKTASI VE TESVİYELER PROJESİNE GÖRE BELİRLENECEKTİR. BU ALANLARDA PAZAR YERİ YAPILABİLİR.

6. AFET RİSKİNE KARŞI ÖNLEMLER

6.1 PLAN KAPSAMINDA 15.01.2013, 21.12.2017 VE 22.12.2018 TARİHLERİNDE ONAYLANAN İMAR PLANINA ESAS JEOLOJİK VE JEOTEKNİK ETÜT RAPORLARINA UYULMASI ZORUNLUDUR.

6.2 PLANLAMA ALANI TÜRKİYE DEPREM BÖLGELERİ HARİTASINDA 1. DERECE DEPREM BÖLGESİNDE YER ALMAKTADIR. YAPILARIN MÜHENDİSLİK PROJELERİNDE;

• "TÜRKİYE BİNA DEPREM YÖNETMELİĞİNE",
• "AFET BÖLGELERİNDE YAPILACAK YAPILAR HAKKINDA YÖNETMELİK" HÜKÜMLERİNE UYULACAKTIR.

6.3 TÜM YAPILARDA YAPILAŞMA ÖNCESİ PARSEL BAZINDA ZEMİN ETÜDÜ YAPILMASI ZORUNLUDUR. ZEMİN ETÜT RAPORU İLGİLİ KURUMLARCA ONAYLANMADAN MİMARİ PROJE ONAYLANAMAZ VE YAPILARA İNŞAAT İZNİ VERİLMEZ.

7. TEKNİK ALTYAPI ALANLARI

7.1 BU ALANLARDA KAMU VEYA ÖZEL SEKTÖR TARAFINDAN YAPILACAK ELEKTRİK, DOĞALGAZ İLETİM HATLARI VE BÖLGE REGÜLATÖRLERİ, TRAFO, HER TÜRLÜ ENERJİ, HABERLEŞME GİBİ SERVİSLERİN TEMİNİ İÇİN YAPILAN TESİSLER YER ALABİLİR.

7.2 BU ALANLARDA, KAKS/EMSAL:0,50 OLUP YÜKSEKLİK PROJESİNE GÖRE BELİRLENECEKTİR.

8. SU YÜZEYLERİ (DERELER)

8.1 SU YÜZEYLERİ (DERELER); PLANLAMA ALANININ DOĞU SINIRINDA UZUN DERE (MELEZ DERESİ) GEÇMEKTEDİR. UZUN DERENİN ISLAHI İZMİR SU VE KANALİZASYON İDARESİ GENEL MÜDÜRLÜĞÜ (İZSU) TARAFINDAN YAPILMIŞ OLUP, DERE GÜZERGÂHININ PLANLAMA ALANINA GİREN KISIMLARINDA MEVCUT ISLAHLI KESİT GENİŞLİKLERİNİN VE GÜZERGÂHLARININ KORUNARAK; DERENİN TEMİZLİK, BAKIM VE SERVİSİ İÇİN AYRILAN SERVİS AMAÇLI İMAR YOLLARI KORUNACAKTIR.

8.2 İZSU TARAFINDAN, PLAN SINIRI İÇİNDE YER ALAN TÜM DERE YATAKLARININ VE DERE YATAĞI VASFINDA OLMAYAN YÜZEYSEL SULARIN, DRENAJI SAĞLANACAK OLUP TÜM DERE YATAKLARININ ISLAHI GERÇEKLEŞMEDEN YAPILAŞMAYA İZİN VERİLMEYECEKTİR.

8.3 PLANLAMA ALANI İÇİNDE BULUNAN DERENİN ÜZERİ KAPATILMAYACAK, KAPALI OLAN DERE YATAKLARININ İSE ÜSTÜ AÇILACAKTIR.

8.4 DERE YATAĞI VE İMAR YOLU İÇİN AYRILAN SAHA İLE DERE YATAĞININ İMAR YOLU YAPILMAYAN SAHİLİNDEKİ EN AZ 5 METRE GENİŞLİĞİNDEKİ ALANDA YAPILAŞMAYA İZİN VERİLMEYECEKTİR.

8.5 DERELERİN ISLAHI YAPILINCAYA KADAR SÖZ KONUSU ALAN İÇERİSİNDEN GEÇEN DERE YATAKLARININ KADASTRAL PLANDAKİ MEVCUT ŞERİT GENİŞLİKLERİNE KESİNLİKLE MÜDAHALE EDİLMEYECEK VE SUYUN SERBEST AKIŞINA ENGEL OLACAK UYGULAMALAR YAPILMAYACAKTIR. DERE ISLAHI YAPILINCAYA KADAR DERE VASFINDAKİ MEVCUT DOĞAL YATAK GÜZERGÂHINDA YAPILAŞMAYA İZİN VERİLMEYECEKTİR.

4.4.2.3. PLANDA BELİRLENEN MEYDAN ALANLARINDA BETON TEMEL GEREKTİRMEYEN UYGULAMALARLA MEYDAN ALANININ %60'INI AÇIK ALAN OLARAK DÜZENLENMESİ ZORUNLUDUR.

3.5. TİCARET ALANLARI:

3.5.1. BU ALANLARDA İŞ MERKEZLERİ, YÖNETİM BİNALARI, BANKA, FİNANS KURUMLARI, OFİS-BÜRO, ÇARŞI, ÇOK KATLI MAĞAZALAR, OTOPARKLAR, ALIŞVERİŞ MERKEZLERİ, KONAKLAMA TESİSLERİ, SİNEMA, TİYATRO, MÜZE, KÜTÜPHANE, SERGİ SALONU GİBİ SOSYAL VE KÜLTÜREL TESİSLER İLE LOKANTA, RESTORAN, GAZİNO, DÜĞÜN SALONU GİBİ EĞLENCEYE YÖNELİK BİRİMLER, SAĞLIK KABİN VE MUAYENEHANE GİBİ TİCARET VE HİZMETLERE İLİŞKİN YAPILAR YAPILABİLİR.

Bu paftada yapılan değişik-
likler için ...14.... sayıda
Mühür basılmıştır.
